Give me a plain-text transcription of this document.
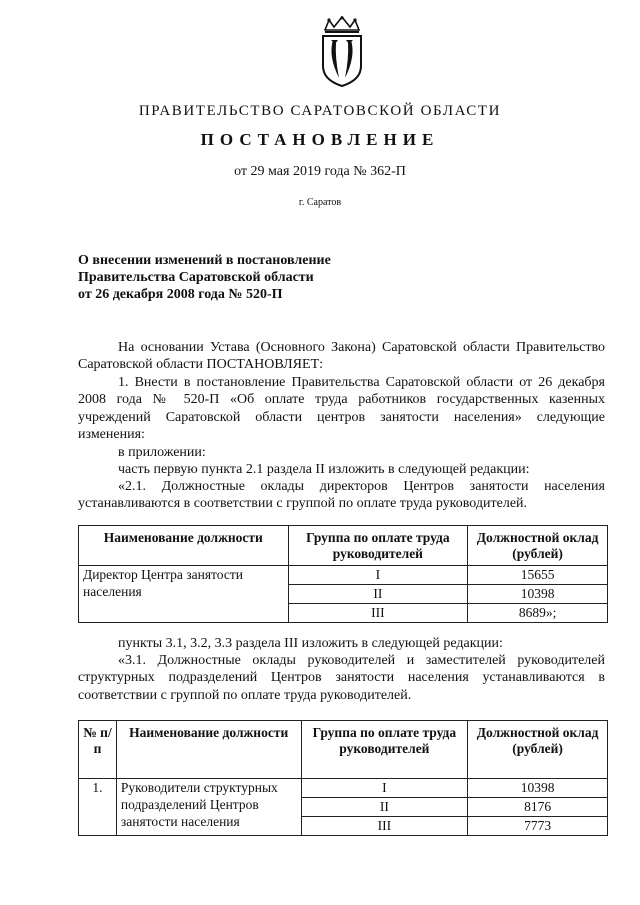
ПРАВИТЕЛЬСТВО САРАТОВСКОЙ ОБЛАСТИ
ПОСТАНОВЛЕНИЕ
от 29 мая 2019 года № 362-П
г. Саратов
О внесении изменений в постановление
Правительства Саратовской области
от 26 декабря 2008 года № 520-П
На основании Устава (Основного Закона) Саратовской области Правительство Саратовской области ПОСТАНОВЛЯЕТ:
1. Внести в постановление Правительства Саратовской области от 26 декабря 2008 года № 520-П «Об оплате труда работников государственных казенных учреждений Саратовской области центров занятости населения» следующие изменения:
в приложении:
часть первую пункта 2.1 раздела II изложить в следующей редакции:
«2.1. Должностные оклады директоров Центров занятости населения устанавливаются в соответствии с группой по оплате труда руководителей.
Наименование должности	Группа по оплате труда руководителей	Должностной оклад (рублей)
Директор Центра занятости населения	I	15655
	II	10398
	III	8689»;
пункты 3.1, 3.2, 3.3 раздела III изложить в следующей редакции:
«3.1. Должностные оклады руководителей и заместителей руководителей структурных подразделений Центров занятости населения устанавливаются в соответствии с группой по оплате труда руководителей.
№ п/п	Наименование должности	Группа по оплате труда руководителей	Должностной оклад (рублей)
1.	Руководители структурных подразделений Центров занятости населения	I	10398
		II	8176
		III	7773
